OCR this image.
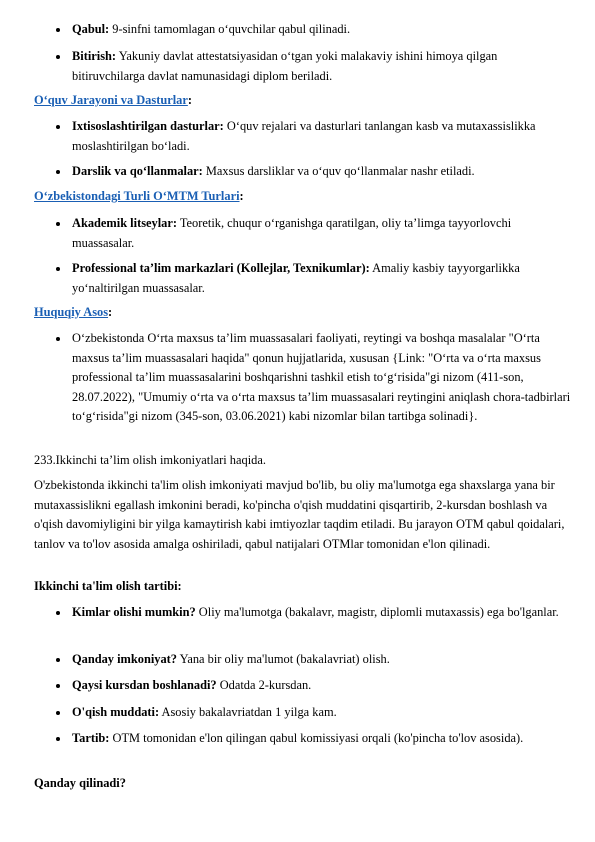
Qabul: 9-sinfni tamomlagan o‘quvchilar qabul qilinadi.
Bitirish: Yakuniy davlat attestatsiyasidan o‘tgan yoki malakaviy ishini himoya qilgan bitiruvchilarga davlat namunasidagi diplom beriladi.
O‘quv Jarayoni va Dasturlar:
Ixtisoslashtirilgan dasturlar: O‘quv rejalari va dasturlari tanlangan kasb va mutaxassislikka moslashtirilgan bo‘ladi.
Darslik va qo‘llanmalar: Maxsus darsliklar va o‘quv qo‘llanmalar nashr etiladi.
O‘zbekistondagi Turli O‘MTM Turlari:
Akademik litseylar: Teoretik, chuqur o‘rganishga qaratilgan, oliy ta’limga tayyorlovchi muassasalar.
Professional ta’lim markazlari (Kollejlar, Texnikumlar): Amaliy kasbiy tayyorgarlikka yo‘naltirilgan muassasalar.
Huquqiy Asos:
O‘zbekistonda O‘rta maxsus ta’lim muassasalari faoliyati, reytingi va boshqa masalalar "O‘rta maxsus ta’lim muassasalari haqida" qonun hujjatlarida, xususan {Link: "O‘rta va o‘rta maxsus professional ta’lim muassasalarini boshqarishni tashkil etish to‘g‘risida"gi nizom (411-son, 28.07.2022), "Umumiy o‘rta va o‘rta maxsus ta’lim muassasalari reytingini aniqlash chora-tadbirlari to‘g‘risida"gi nizom (345-son, 03.06.2021) kabi nizomlar bilan tartibga solinadi}.
233.Ikkinchi ta’lim olish imkoniyatlari haqida.
O'zbekistonda ikkinchi ta'lim olish imkoniyati mavjud bo'lib, bu oliy ma'lumotga ega shaxslarga yana bir mutaxassislikni egallash imkonini beradi, ko'pincha o'qish muddatini qisqartirib, 2-kursdan boshlash va o'qish davomiyligini bir yilga kamaytirish kabi imtiyozlar taqdim etiladi. Bu jarayon OTM qabul qoidalari, tanlov va to'lov asosida amalga oshiriladi, qabul natijalari OTMlar tomonidan e'lon qilinadi.
Ikkinchi ta'lim olish tartibi:
Kimlar olishi mumkin? Oliy ma'lumotga (bakalavr, magistr, diplomli mutaxassis) ega bo'lganlar.
Qanday imkoniyat? Yana bir oliy ma'lumot (bakalavriat) olish.
Qaysi kursdan boshlanadi? Odatda 2-kursdan.
O'qish muddati: Asosiy bakalavriatdan 1 yilga kam.
Tartib: OTM tomonidan e'lon qilingan qabul komissiyasi orqali (ko'pincha to'lov asosida).
Qanday qilinadi?
